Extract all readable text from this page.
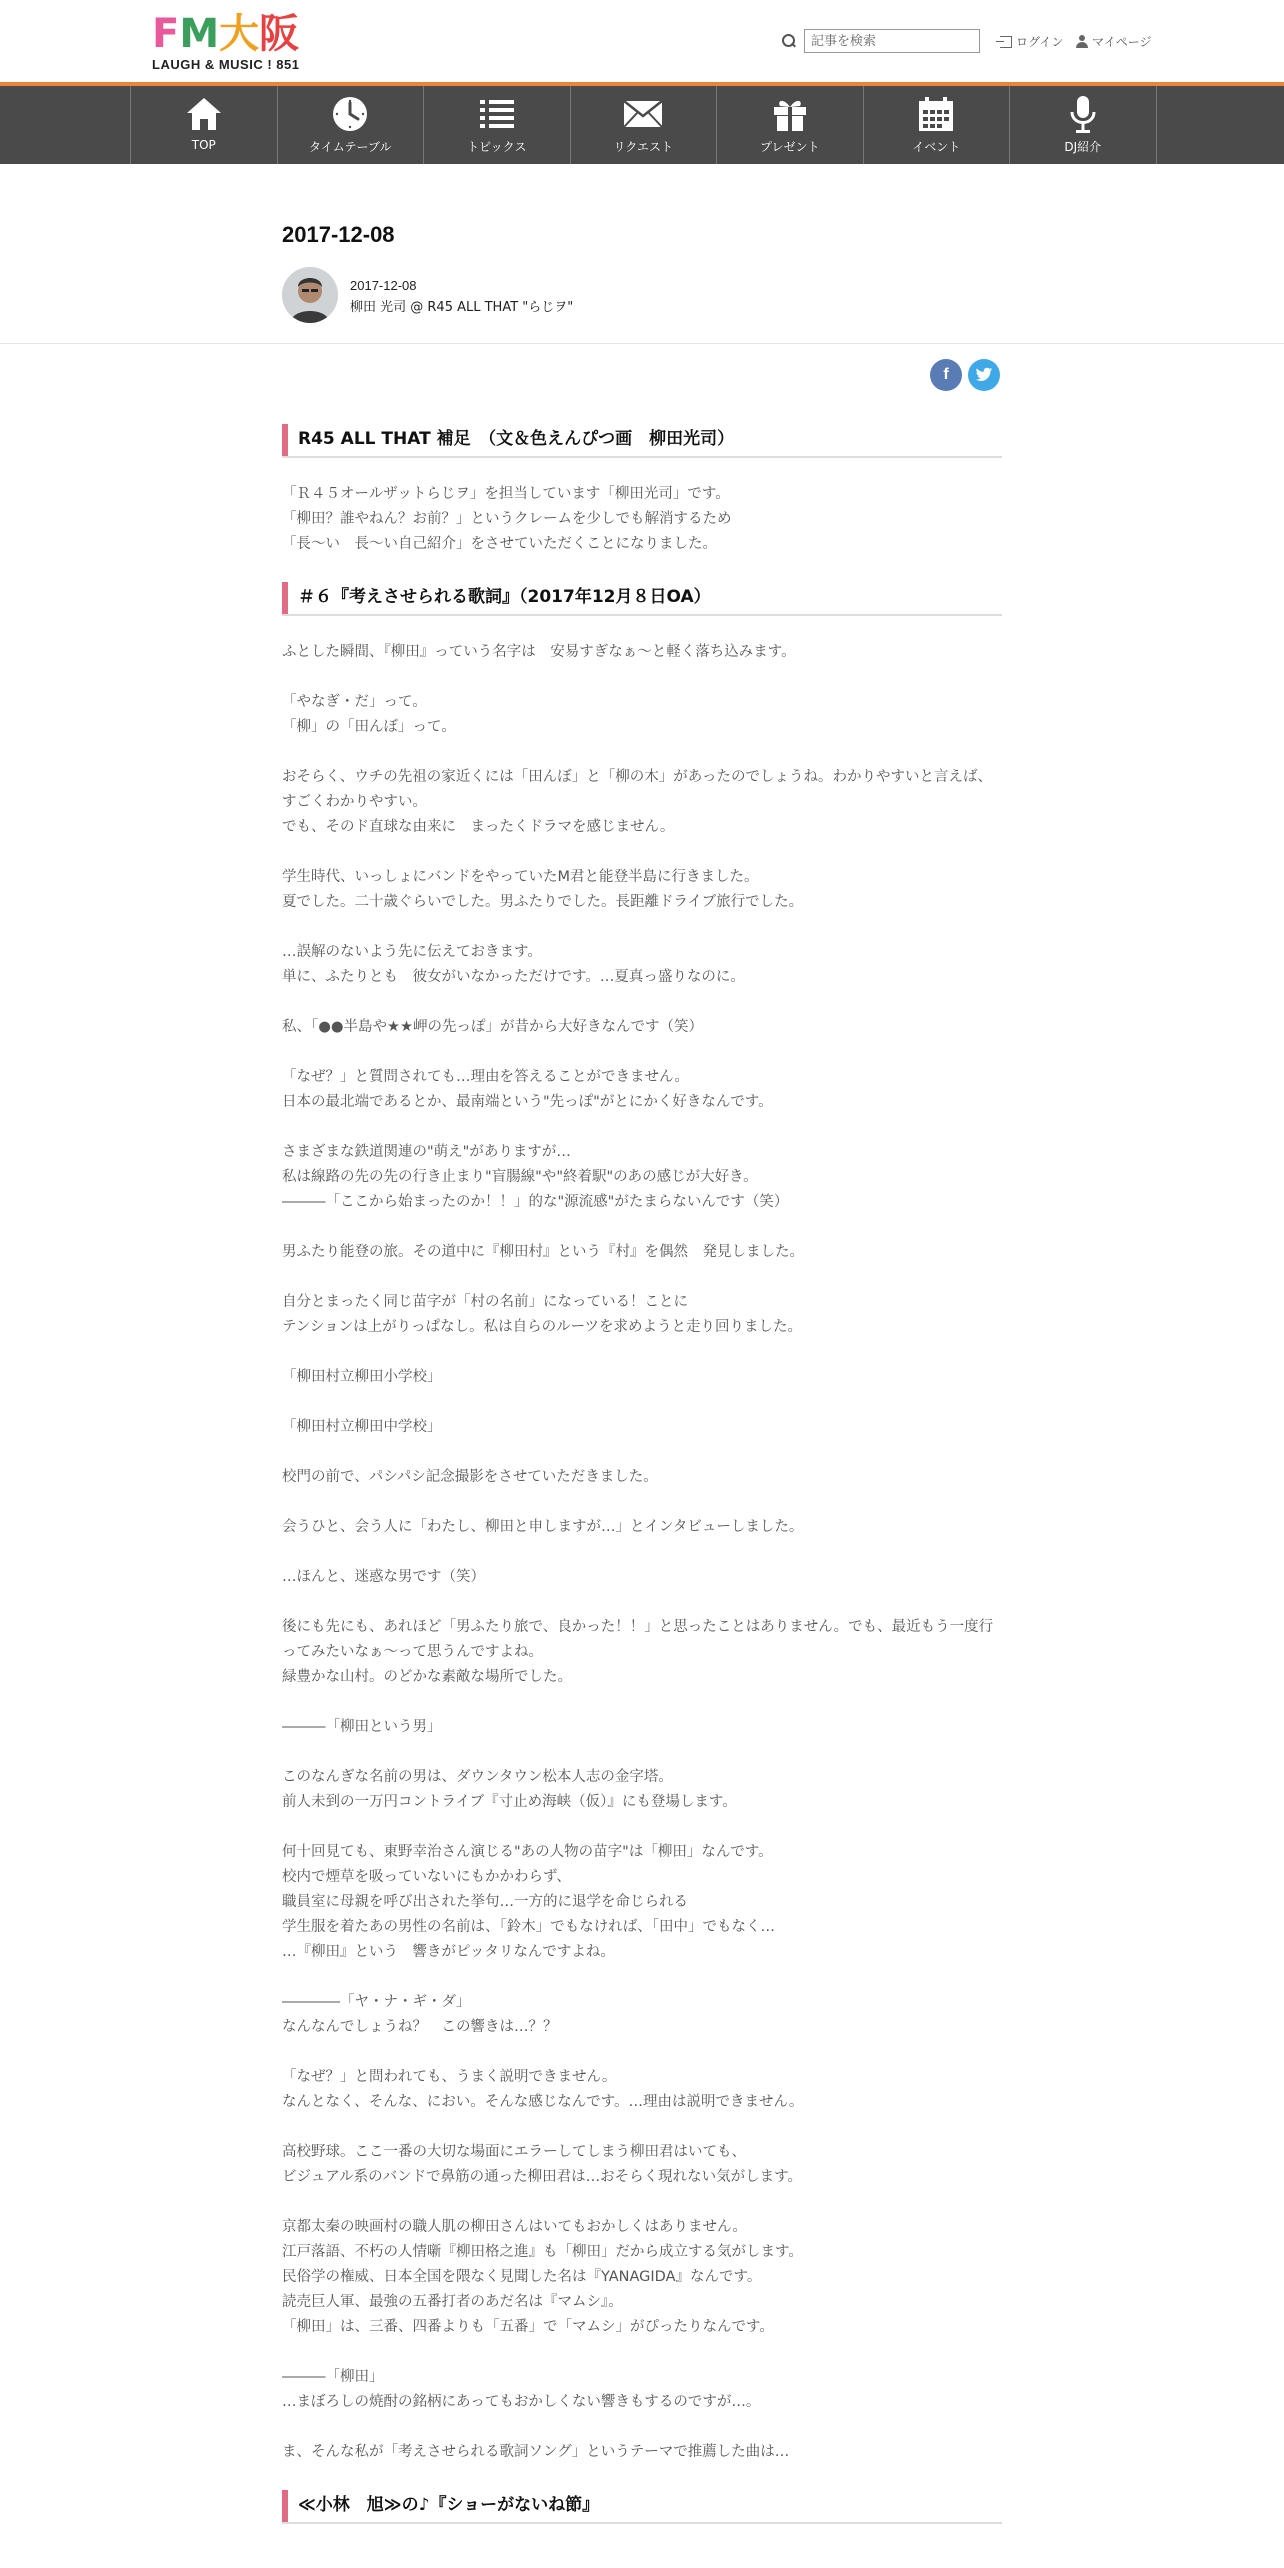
F M 大 阪
LAUGH & MUSIC ! 851
記事を検索
ログイン マイページ
TOP	タイムテーブル	トピックス	リクエスト	プレゼント	イベント	DJ紹介
2017-12-08
2017-12-08
柳田 光司 @ R45 ALL THAT "らじヲ"
f
R45 ALL THAT 補足　（文＆色えんぴつ画　柳田光司）

「Ｒ４５オールザットらじヲ」を担当しています「柳田光司」です。
「柳田？誰やねん？お前？」というクレームを少しでも解消するため
「長～い　長～い自己紹介」をさせていただくことになりました。

＃６『考えさせられる歌詞』（2017年12月８日OA）

ふとした瞬間、『柳田』っていう名字は　安易すぎなぁ～と軽く落ち込みます。

「やなぎ・だ」って。
「柳」の「田んぼ」って。

おそらく、ウチの先祖の家近くには「田んぼ」と「柳の木」があったのでしょうね。わかりやすいと言えば、すごくわかりやすい。
でも、そのド直球な由来に　まったくドラマを感じません。

学生時代、いっしょにバンドをやっていたM君と能登半島に行きました。
夏でした。二十歳ぐらいでした。男ふたりでした。長距離ドライブ旅行でした。

…誤解のないよう先に伝えておきます。
単に、ふたりとも　彼女がいなかっただけです。…夏真っ盛りなのに。

私、「●●半島や★★岬の先っぽ」が昔から大好きなんです（笑）

「なぜ？」と質問されても…理由を答えることができません。
日本の最北端であるとか、最南端という"先っぽ"がとにかく好きなんです。

さまざまな鉄道関連の"萌え"がありますが…
私は線路の先の先の行き止まり"盲腸線"や"終着駅"のあの感じが大好き。
―――「ここから始まったのか！！」的な"源流感"がたまらないんです（笑）

男ふたり能登の旅。その道中に『柳田村』という『村』を偶然　発見しました。

自分とまったく同じ苗字が「村の名前」になっている！ことに
テンションは上がりっぱなし。私は自らのルーツを求めようと走り回りました。

「柳田村立柳田小学校」

「柳田村立柳田中学校」

校門の前で、パシパシ記念撮影をさせていただきました。

会うひと、会う人に「わたし、柳田と申しますが…」とインタビューしました。

…ほんと、迷惑な男です（笑）

後にも先にも、あれほど「男ふたり旅で、良かった！！」と思ったことはありません。でも、最近もう一度行ってみたいなぁ～って思うんですよね。
緑豊かな山村。のどかな素敵な場所でした。

―――「柳田という男」

このなんぎな名前の男は、ダウンタウン松本人志の金字塔。
前人未到の一万円コントライブ『寸止め海峡（仮）』にも登場します。

何十回見ても、東野幸治さん演じる"あの人物の苗字"は「柳田」なんです。
校内で煙草を吸っていないにもかかわらず、
職員室に母親を呼び出された挙句…一方的に退学を命じられる
学生服を着たあの男性の名前は、「鈴木」でもなければ、「田中」でもなく…
…『柳田』という　響きがピッタリなんですよね。

――――「ヤ・ナ・ギ・ダ」
なんなんでしょうね？　この響きは…？？

「なぜ？」と問われても、うまく説明できません。
なんとなく、そんな、におい。そんな感じなんです。…理由は説明できません。

高校野球。ここ一番の大切な場面にエラーしてしまう柳田君はいても、
ビジュアル系のバンドで鼻筋の通った柳田君は…おそらく現れない気がします。

京都太秦の映画村の職人肌の柳田さんはいてもおかしくはありません。
江戸落語、不朽の人情噺『柳田格之進』も「柳田」だから成立する気がします。
民俗学の権威、日本全国を隈なく見聞した名は『YANAGIDA』なんです。
読売巨人軍、最強の五番打者のあだ名は『マムシ』。
「柳田」は、三番、四番よりも「五番」で「マムシ」がぴったりなんです。

―――「柳田」
…まぼろしの焼酎の銘柄にあってもおかしくない響きもするのですが…。

ま、そんな私が「考えさせられる歌詞ソング」というテーマで推薦した曲は…

≪小林　旭≫の♪『ショーがないね節』
